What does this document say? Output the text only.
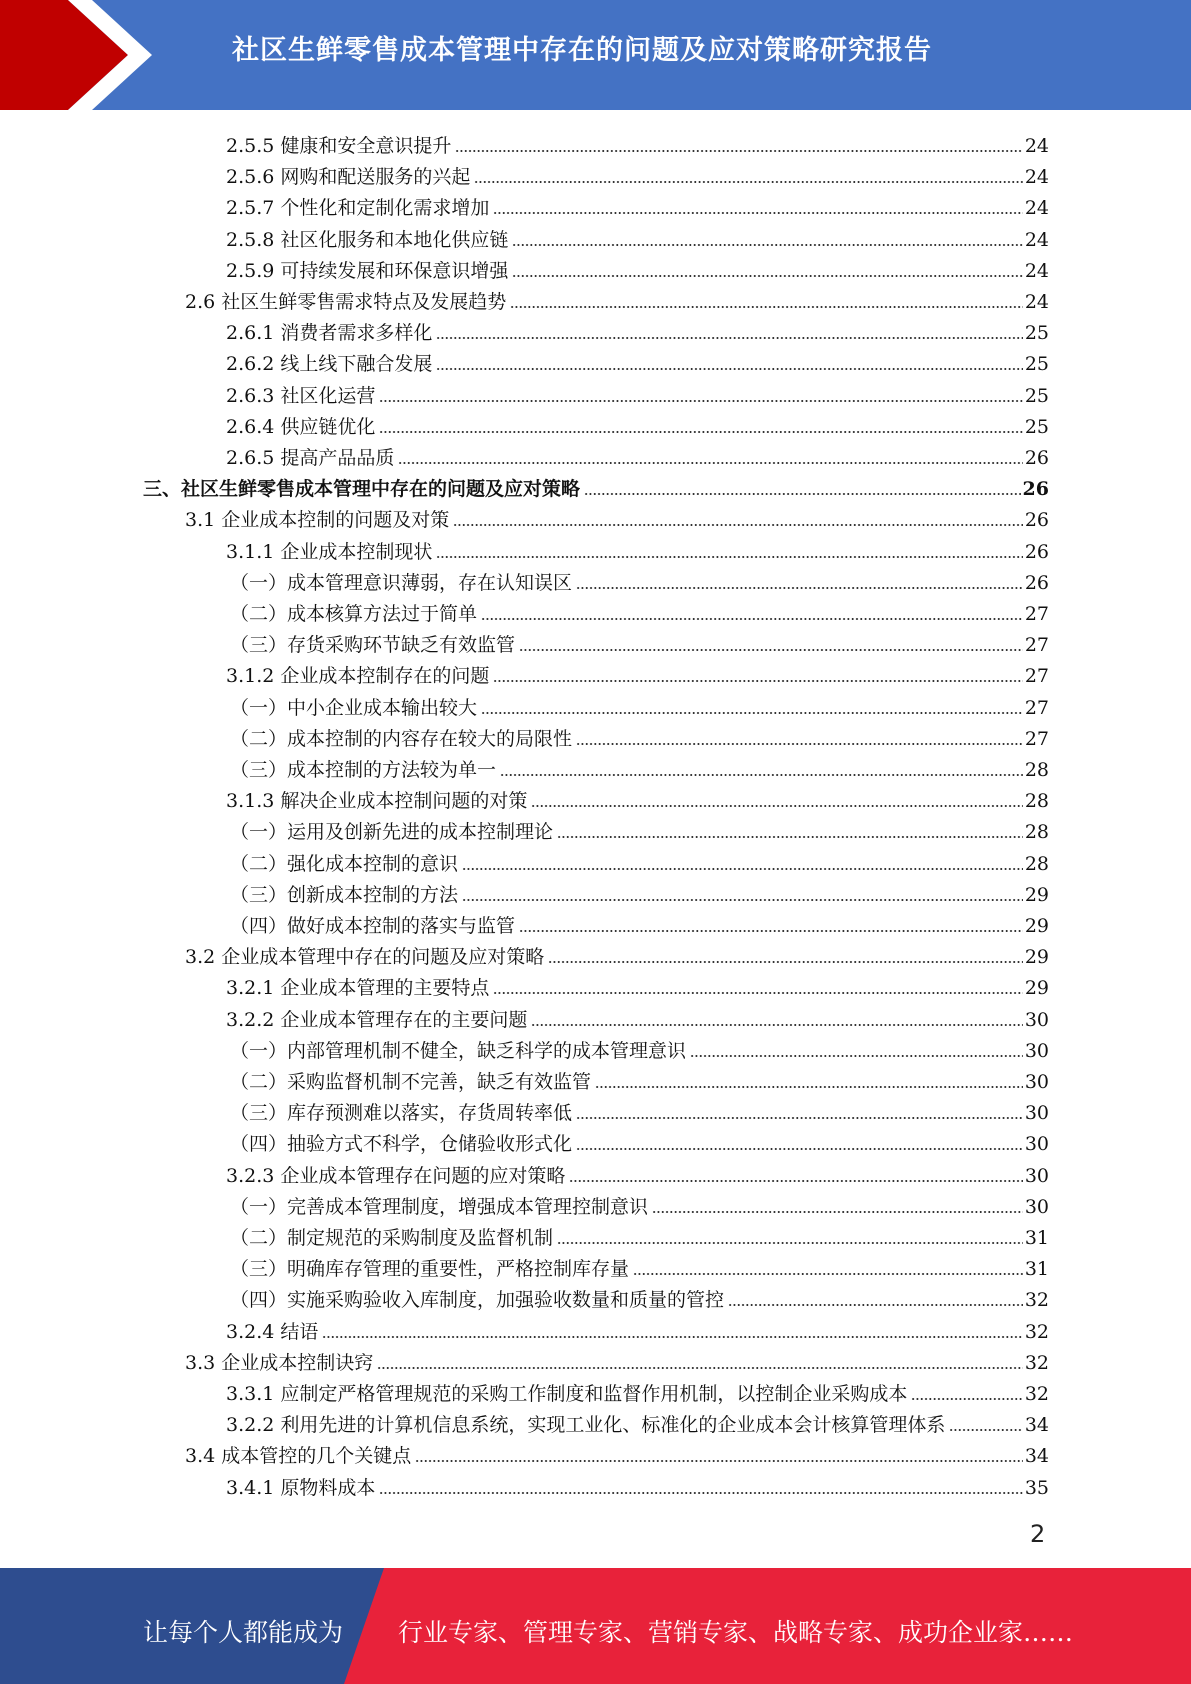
社区生鲜零售成本管理中存在的问题及应对策略研究报告
2.5.5 健康和安全意识提升	24
2.5.6 网购和配送服务的兴起	24
2.5.7 个性化和定制化需求增加	24
2.5.8 社区化服务和本地化供应链	24
2.5.9 可持续发展和环保意识增强	24
2.6 社区生鲜零售需求特点及发展趋势	24
2.6.1 消费者需求多样化	25
2.6.2 线上线下融合发展	25
2.6.3 社区化运营	25
2.6.4 供应链优化	25
2.6.5 提高产品品质	26
三、社区生鲜零售成本管理中存在的问题及应对策略	26
3.1 企业成本控制的问题及对策	26
3.1.1 企业成本控制现状	26
（一）成本管理意识薄弱，存在认知误区	26
（二）成本核算方法过于简单	27
（三）存货采购环节缺乏有效监管	27
3.1.2 企业成本控制存在的问题	27
（一）中小企业成本输出较大	27
（二）成本控制的内容存在较大的局限性	27
（三）成本控制的方法较为单一	28
3.1.3 解决企业成本控制问题的对策	28
（一）运用及创新先进的成本控制理论	28
（二）强化成本控制的意识	28
（三）创新成本控制的方法	29
（四）做好成本控制的落实与监管	29
3.2 企业成本管理中存在的问题及应对策略	29
3.2.1 企业成本管理的主要特点	29
3.2.2 企业成本管理存在的主要问题	30
（一）内部管理机制不健全，缺乏科学的成本管理意识	30
（二）采购监督机制不完善，缺乏有效监管	30
（三）库存预测难以落实，存货周转率低	30
（四）抽验方式不科学，仓储验收形式化	30
3.2.3 企业成本管理存在问题的应对策略	30
（一）完善成本管理制度，增强成本管理控制意识	30
（二）制定规范的采购制度及监督机制	31
（三）明确库存管理的重要性，严格控制库存量	31
（四）实施采购验收入库制度，加强验收数量和质量的管控	32
3.2.4 结语	32
3.3 企业成本控制诀窍	32
3.3.1 应制定严格管理规范的采购工作制度和监督作用机制，以控制企业采购成本	32
3.2.2 利用先进的计算机信息系统，实现工业化、标准化的企业成本会计核算管理体系	34
3.4 成本管控的几个关键点	34
3.4.1 原物料成本	35
2
让每个人都能成为 行业专家、管理专家、营销专家、战略专家、成功企业家……
